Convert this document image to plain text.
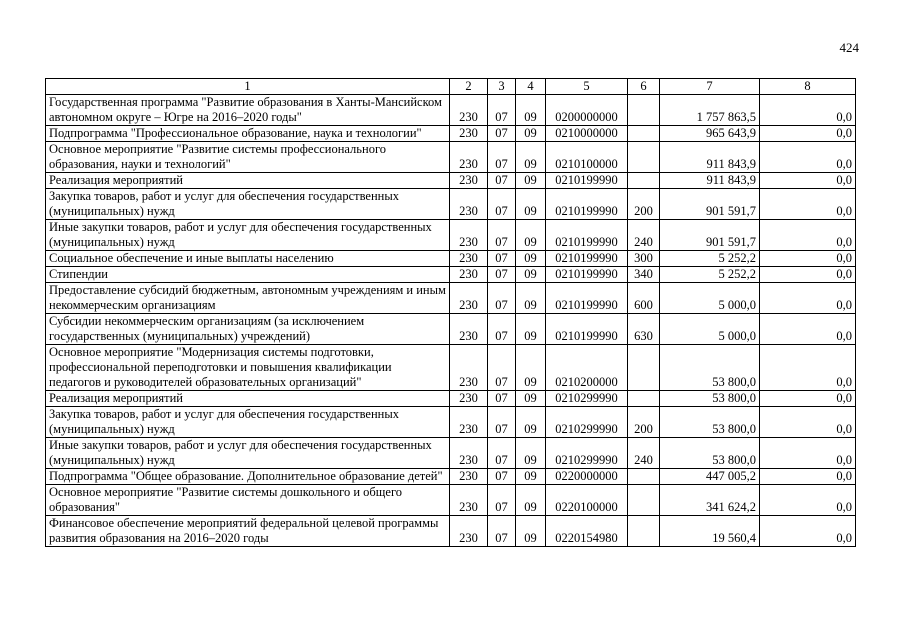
424
1	2	3	4	5	6	7	8
Государственная программа "Развитие образования в Ханты-Мансийском автономном округе – Югре на 2016–2020 годы"	230	07	09	0200000000		1 757 863,5	0,0
Подпрограмма "Профессиональное образование, наука и технологии"	230	07	09	0210000000		965 643,9	0,0
Основное мероприятие "Развитие системы профессионального образования, науки и технологий"	230	07	09	0210100000		911 843,9	0,0
Реализация мероприятий	230	07	09	0210199990		911 843,9	0,0
Закупка товаров, работ и услуг для обеспечения государственных (муниципальных) нужд	230	07	09	0210199990	200	901 591,7	0,0
Иные закупки товаров, работ и услуг для обеспечения государственных (муниципальных) нужд	230	07	09	0210199990	240	901 591,7	0,0
Социальное обеспечение и иные выплаты населению	230	07	09	0210199990	300	5 252,2	0,0
Стипендии	230	07	09	0210199990	340	5 252,2	0,0
Предоставление субсидий бюджетным, автономным учреждениям и иным некоммерческим организациям	230	07	09	0210199990	600	5 000,0	0,0
Субсидии некоммерческим организациям (за исключением государственных (муниципальных) учреждений)	230	07	09	0210199990	630	5 000,0	0,0
Основное мероприятие "Модернизация системы подготовки, профессиональной переподготовки и повышения квалификации педагогов и руководителей образовательных организаций"	230	07	09	0210200000		53 800,0	0,0
Реализация мероприятий	230	07	09	0210299990		53 800,0	0,0
Закупка товаров, работ и услуг для обеспечения государственных (муниципальных) нужд	230	07	09	0210299990	200	53 800,0	0,0
Иные закупки товаров, работ и услуг для обеспечения государственных (муниципальных) нужд	230	07	09	0210299990	240	53 800,0	0,0
Подпрограмма "Общее образование. Дополнительное образование детей"	230	07	09	0220000000		447 005,2	0,0
Основное мероприятие "Развитие системы дошкольного и общего образования"	230	07	09	0220100000		341 624,2	0,0
Финансовое обеспечение мероприятий федеральной целевой программы развития образования на 2016–2020 годы	230	07	09	0220154980		19 560,4	0,0
